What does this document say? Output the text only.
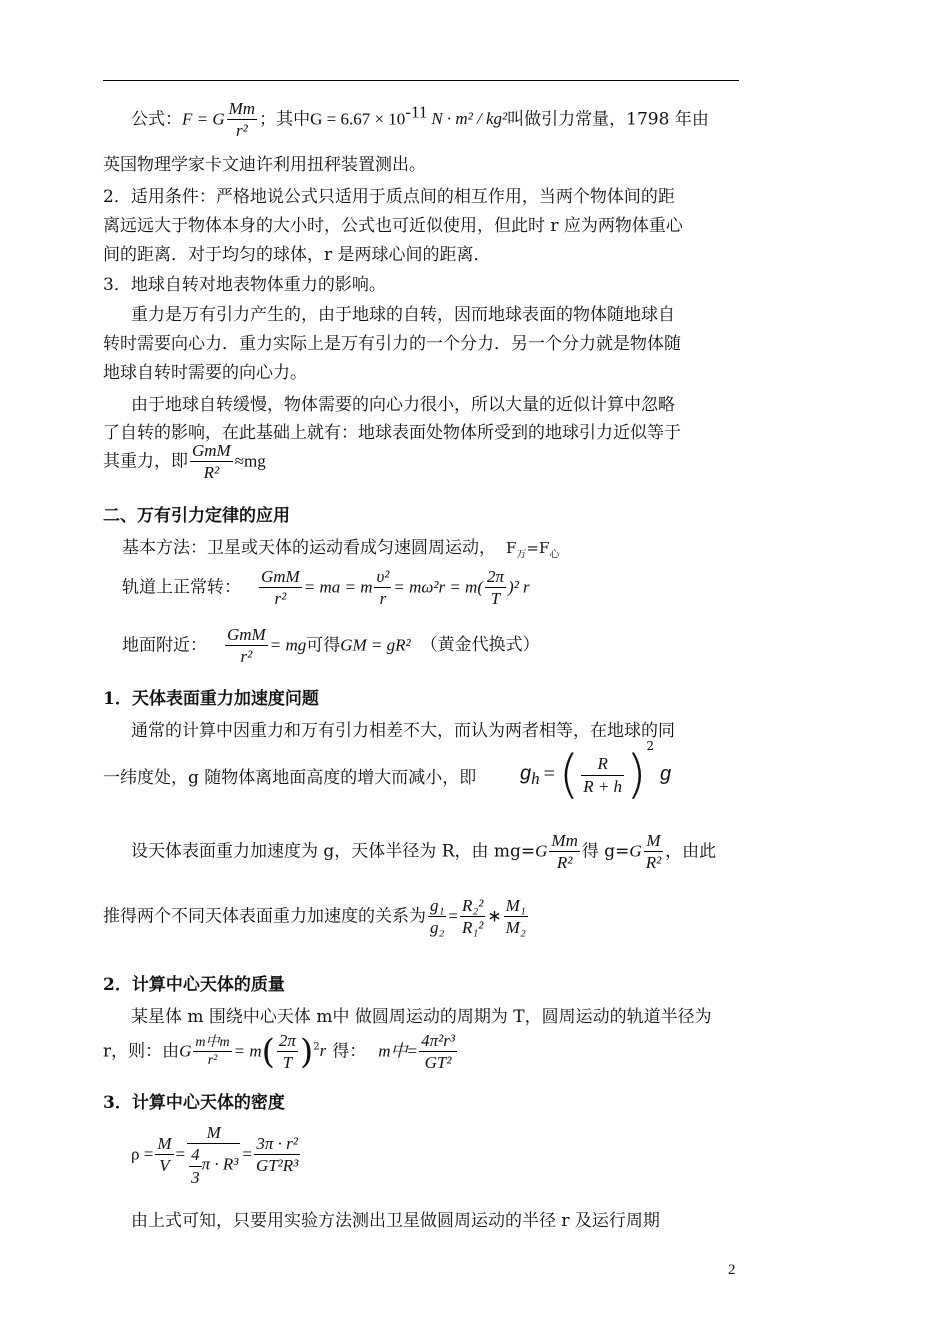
公式：F = G $\frac{Mm}{\text{r²}}$ ；其中$G = 6.67 \times 10^{-11}$ N · m² / kg²叫做引力常量，1798 年由
英国物理学家卡文迪许利用扭秤装置测出。
2．适用条件：严格地说公式只适用于质点间的相互作用，当两个物体间的距
离远远大于物体本身的大小时，公式也可近似使用，但此时 r 应为两物体重心
间的距离．对于均匀的球体，r 是两球心间的距离．
3．地球自转对地表物体重力的影响。
重力是万有引力产生的，由于地球的自转，因而地球表面的物体随地球自
转时需要向心力．重力实际上是万有引力的一个分力．另一个分力就是物体随
地球自转时需要的向心力。
由于地球自转缓慢，物体需要的向心力很小，所以大量的近似计算中忽略
了自转的影响，在此基础上就有：地球表面处物体所受到的地球引力近似等于
其重力，即 $\frac{\text{GmM}}{\text{R²}} \approx mg$
二、万有引力定律的应用
基本方法：卫星或天体的运动看成匀速圆周运动， $F_万=F_心$
轨道上正常转： $\frac{\text{GmM}}{\text{r²}}$ = ma = m $\frac{\text{υ²}}{r} = m\omega^2r = m( \frac{2\pi}{T} )^2$ r
地面附近： $\frac{\text{GmM}}{\text{r²}}$ = mg可得GM = gR² （黄金代换式）
1．天体表面重力加速度问题
通常的计算中因重力和万有引力相差不大，而认为两者相等，在地球的同
一纬度处，g 随物体离地面高度的增大而减小，即 $g_h$ =( $\frac{R}{R + h} )^2g$
设天体表面重力加速度为 g，天体半径为 R，由 $mg=G \frac{Mm}{\text{R²}}$ 得 $g=G \frac{M}{\text{R²}}$ ，由此
推得两个不同天体表面重力加速度的关系为 $\frac{\text{g₁}}{\text{g₂}} = \frac{\text{R₂²}}{\text{R₁²}}$ ∗ $\frac{\text{M₁}}{\text{M₂}}$
2．计算中心天体的质量
某星体 m 围绕中心天体 m中 做圆周运动的周期为 T，圆周运动的轨道半径为
r，则：由G $\frac{\text{m中m}}{\text{r²}} = m( \frac{2\pi}{T} )^2r$ 得： m中= $\frac{\text{4π²r³}}{\text{GT²}}$
3．计算中心天体的密度
$\rho = \frac{M}{V} = \frac{M}{\frac{4}{3} \pi \cdot R^3} = \frac{\text{3π · r²}}{\text{GT²R³}}$
由上式可知，只要用实验方法测出卫星做圆周运动的半径 r 及运行周期
2
